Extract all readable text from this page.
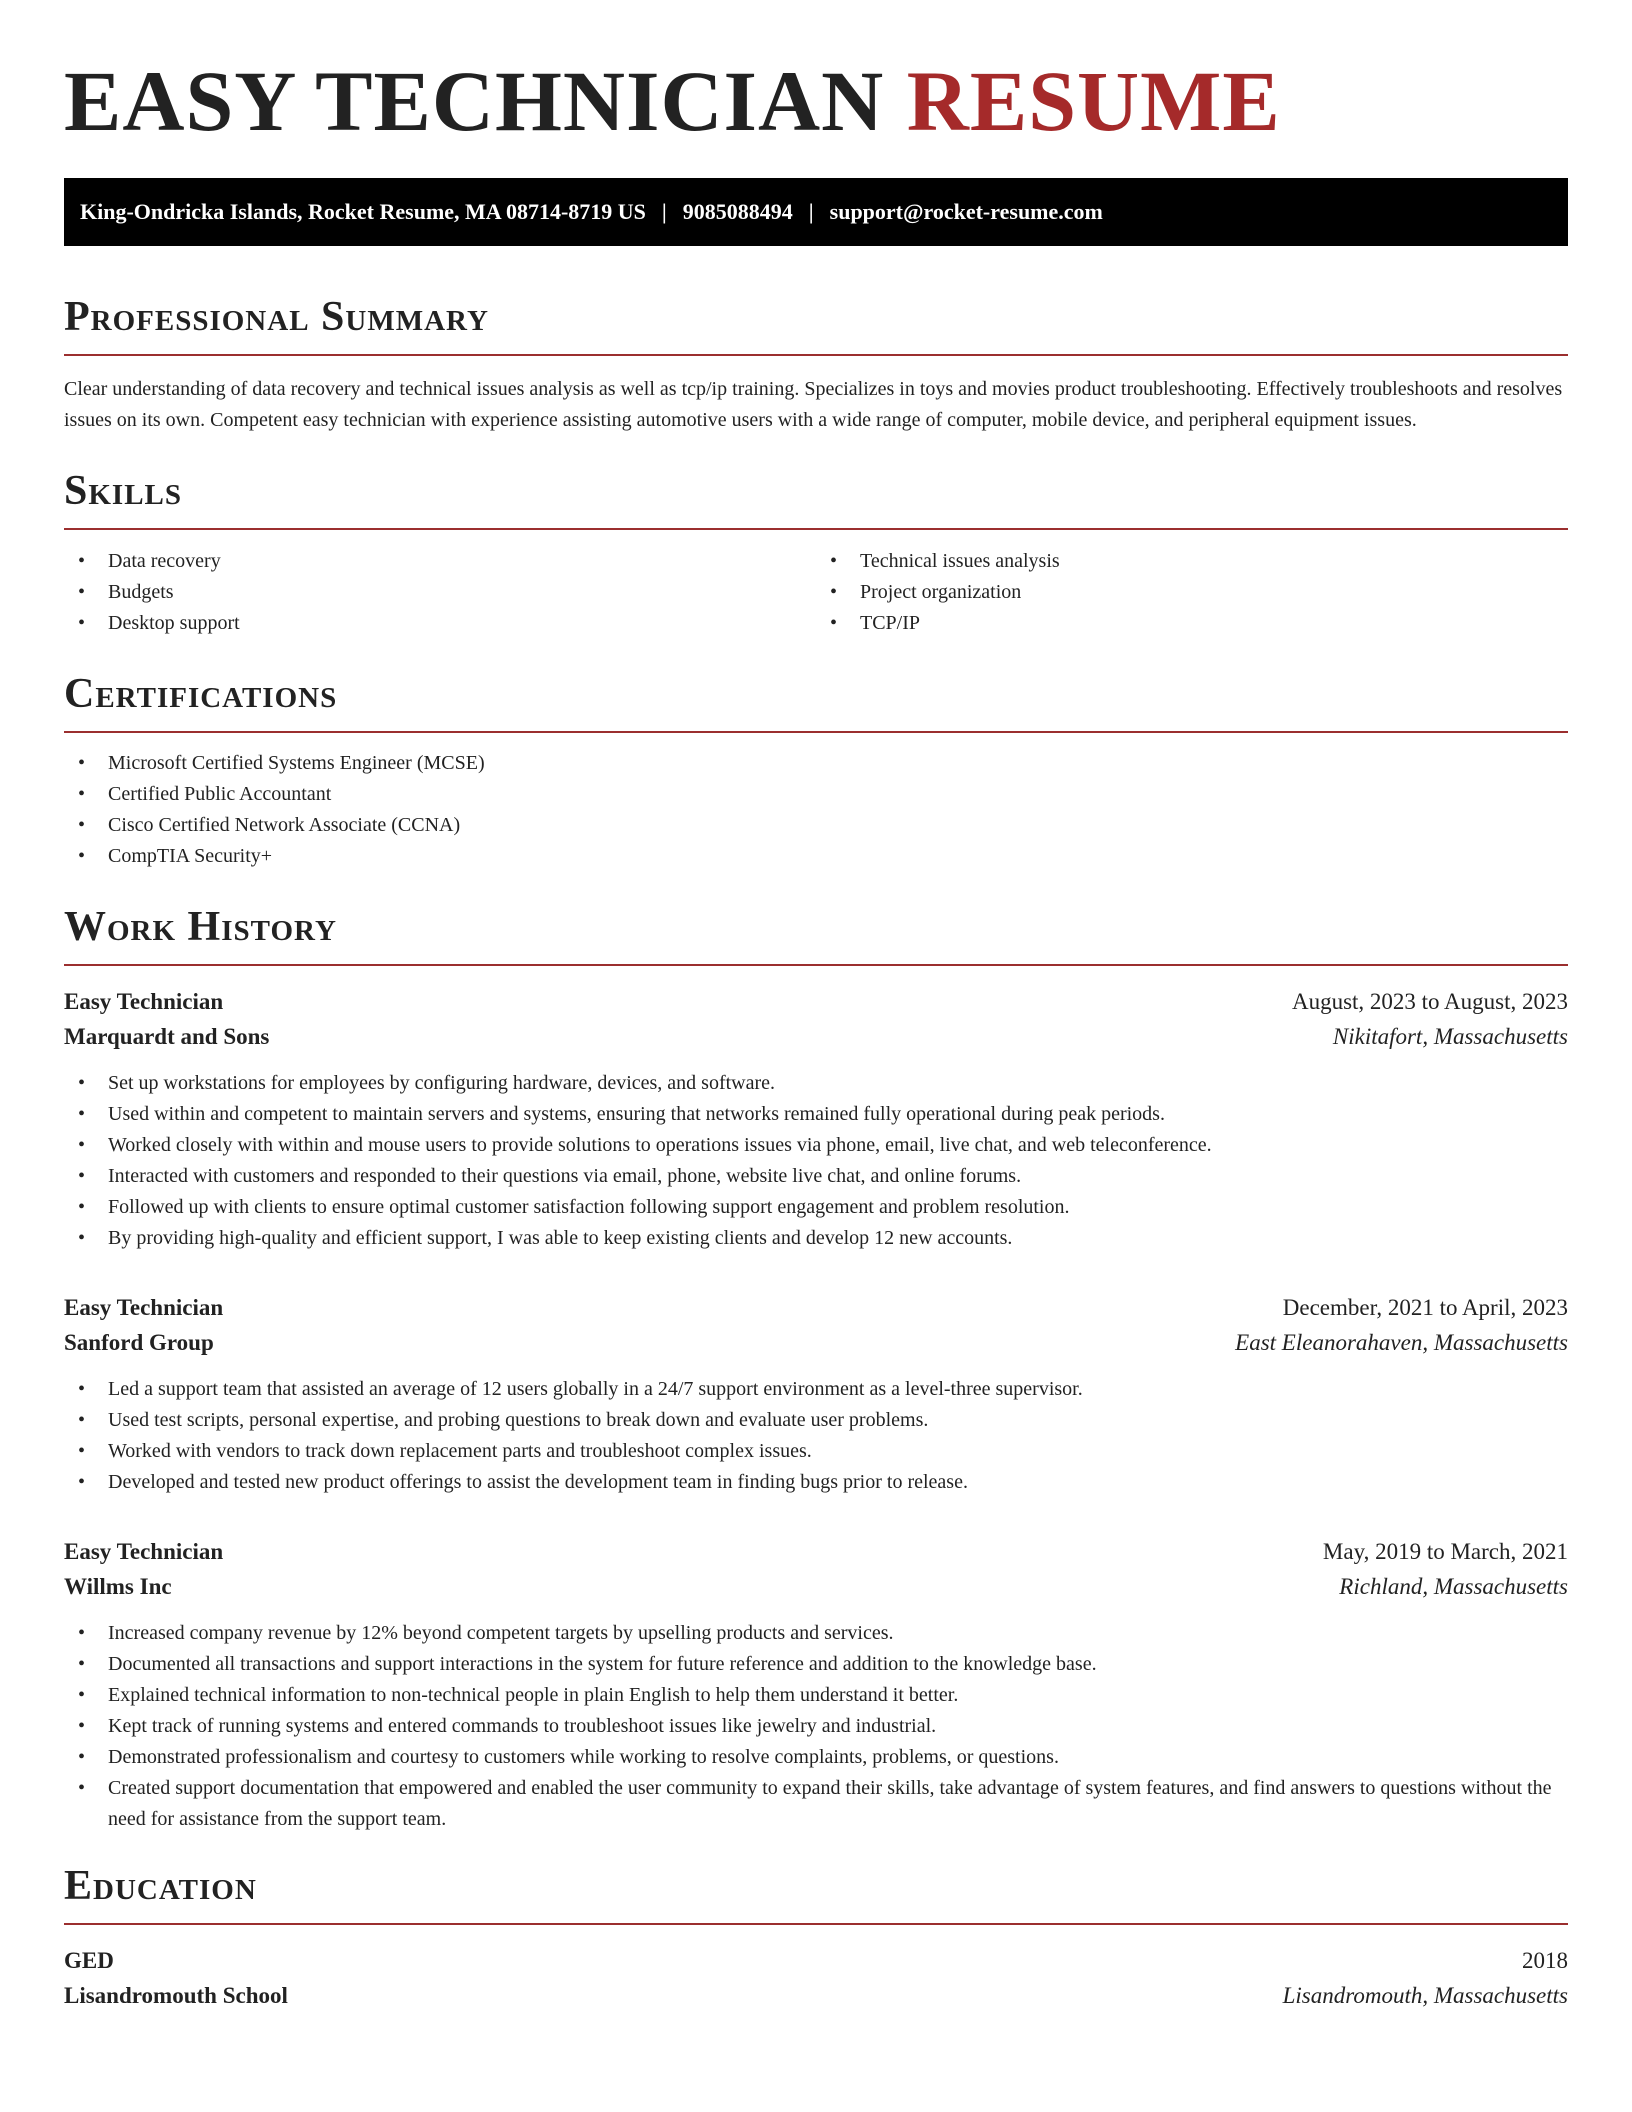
EASY TECHNICIAN RESUME
King-Ondricka Islands, Rocket Resume, MA 08714-8719 US | 9085088494 | support@rocket-resume.com
Professional Summary

Clear understanding of data recovery and technical issues analysis as well as tcp/ip training. Specializes in toys and movies product troubleshooting. Effectively troubleshoots and resolves issues on its own. Competent easy technician with experience assisting automotive users with a wide range of computer, mobile device, and peripheral equipment issues.

Skills
• Data recovery
• Budgets
• Desktop support
• Technical issues analysis
• Project organization
• TCP/IP
Certifications
• Microsoft Certified Systems Engineer (MCSE)
• Certified Public Accountant
• Cisco Certified Network Associate (CCNA)
• CompTIA Security+
Work History
Easy Technician	August, 2023 to August, 2023
Marquardt and Sons	Nikitafort, Massachusetts
• Set up workstations for employees by configuring hardware, devices, and software.
• Used within and competent to maintain servers and systems, ensuring that networks remained fully operational during peak periods.
• Worked closely with within and mouse users to provide solutions to operations issues via phone, email, live chat, and web teleconference.
• Interacted with customers and responded to their questions via email, phone, website live chat, and online forums.
• Followed up with clients to ensure optimal customer satisfaction following support engagement and problem resolution.
• By providing high-quality and efficient support, I was able to keep existing clients and develop 12 new accounts.
Easy Technician	December, 2021 to April, 2023
Sanford Group	East Eleanorahaven, Massachusetts
• Led a support team that assisted an average of 12 users globally in a 24/7 support environment as a level-three supervisor.
• Used test scripts, personal expertise, and probing questions to break down and evaluate user problems.
• Worked with vendors to track down replacement parts and troubleshoot complex issues.
• Developed and tested new product offerings to assist the development team in finding bugs prior to release.
Easy Technician	May, 2019 to March, 2021
Willms Inc	Richland, Massachusetts
• Increased company revenue by 12% beyond competent targets by upselling products and services.
• Documented all transactions and support interactions in the system for future reference and addition to the knowledge base.
• Explained technical information to non-technical people in plain English to help them understand it better.
• Kept track of running systems and entered commands to troubleshoot issues like jewelry and industrial.
• Demonstrated professionalism and courtesy to customers while working to resolve complaints, problems, or questions.
• Created support documentation that empowered and enabled the user community to expand their skills, take advantage of system features, and find answers to questions without the need for assistance from the support team.
Education
GED	2018
Lisandromouth School	Lisandromouth, Massachusetts
